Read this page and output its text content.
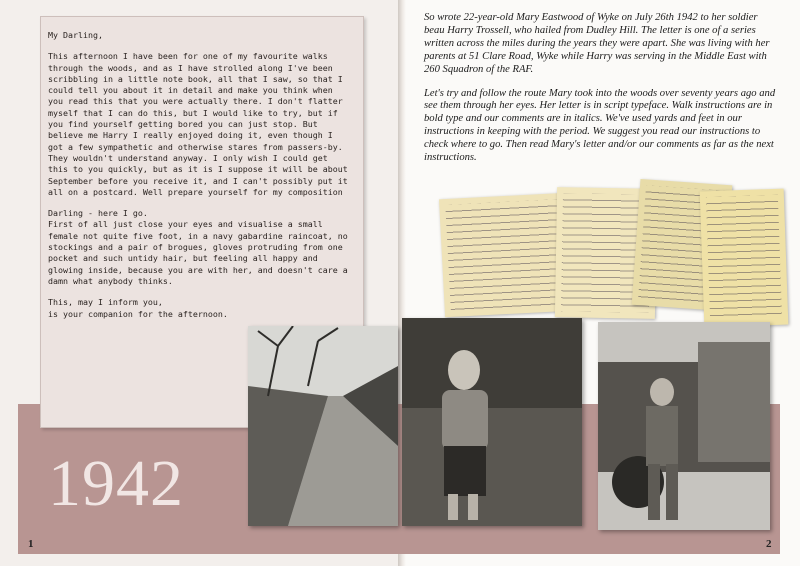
My Darling,

This afternoon I have been for one of my favourite walks through the woods, and as I have strolled along I've been scribbling in a little note book, all that I saw, so that I could tell you about it in detail and make you think when you read this that you were actually there. I don't flatter myself that I can do this, but I would like to try, but if you find yourself getting bored you can just stop. But believe me Harry I really enjoyed doing it, even though I got a few sympathetic and otherwise stares from passers-by. They wouldn't understand anyway. I only wish I could get this to you quickly, but as it is I suppose it will be about September before you receive it, and I can't possibly put it all on a postcard. Well prepare yourself for my composition

Darling - here I go.
First of all just close your eyes and visualise a small female not quite five foot, in a navy gabardine raincoat, no stockings and a pair of brogues, gloves protruding from one pocket and such untidy hair, but feeling all happy and glowing inside, because you are with her, and doesn't care a damn what anybody thinks.

This, may I inform you,
is your companion for the afternoon.

1942
1

So wrote 22-year-old Mary Eastwood of Wyke on July 26th 1942 to her soldier beau Harry Trossell, who hailed from Dudley Hill. The letter is one of a series written across the miles during the years they were apart. She was living with her parents at 51 Clare Road, Wyke while Harry was serving in the Middle East with 260 Squadron of the RAF.

Let's try and follow the route Mary took into the woods over seventy years ago and see them through her eyes. Her letter is in script typeface. Walk instructions are in bold type and our comments are in italics. We've used yards and feet in our instructions in keeping with the period. We suggest you read our instructions to check where to go. Then read Mary's letter and/or our comments as far as the next instructions.

2
